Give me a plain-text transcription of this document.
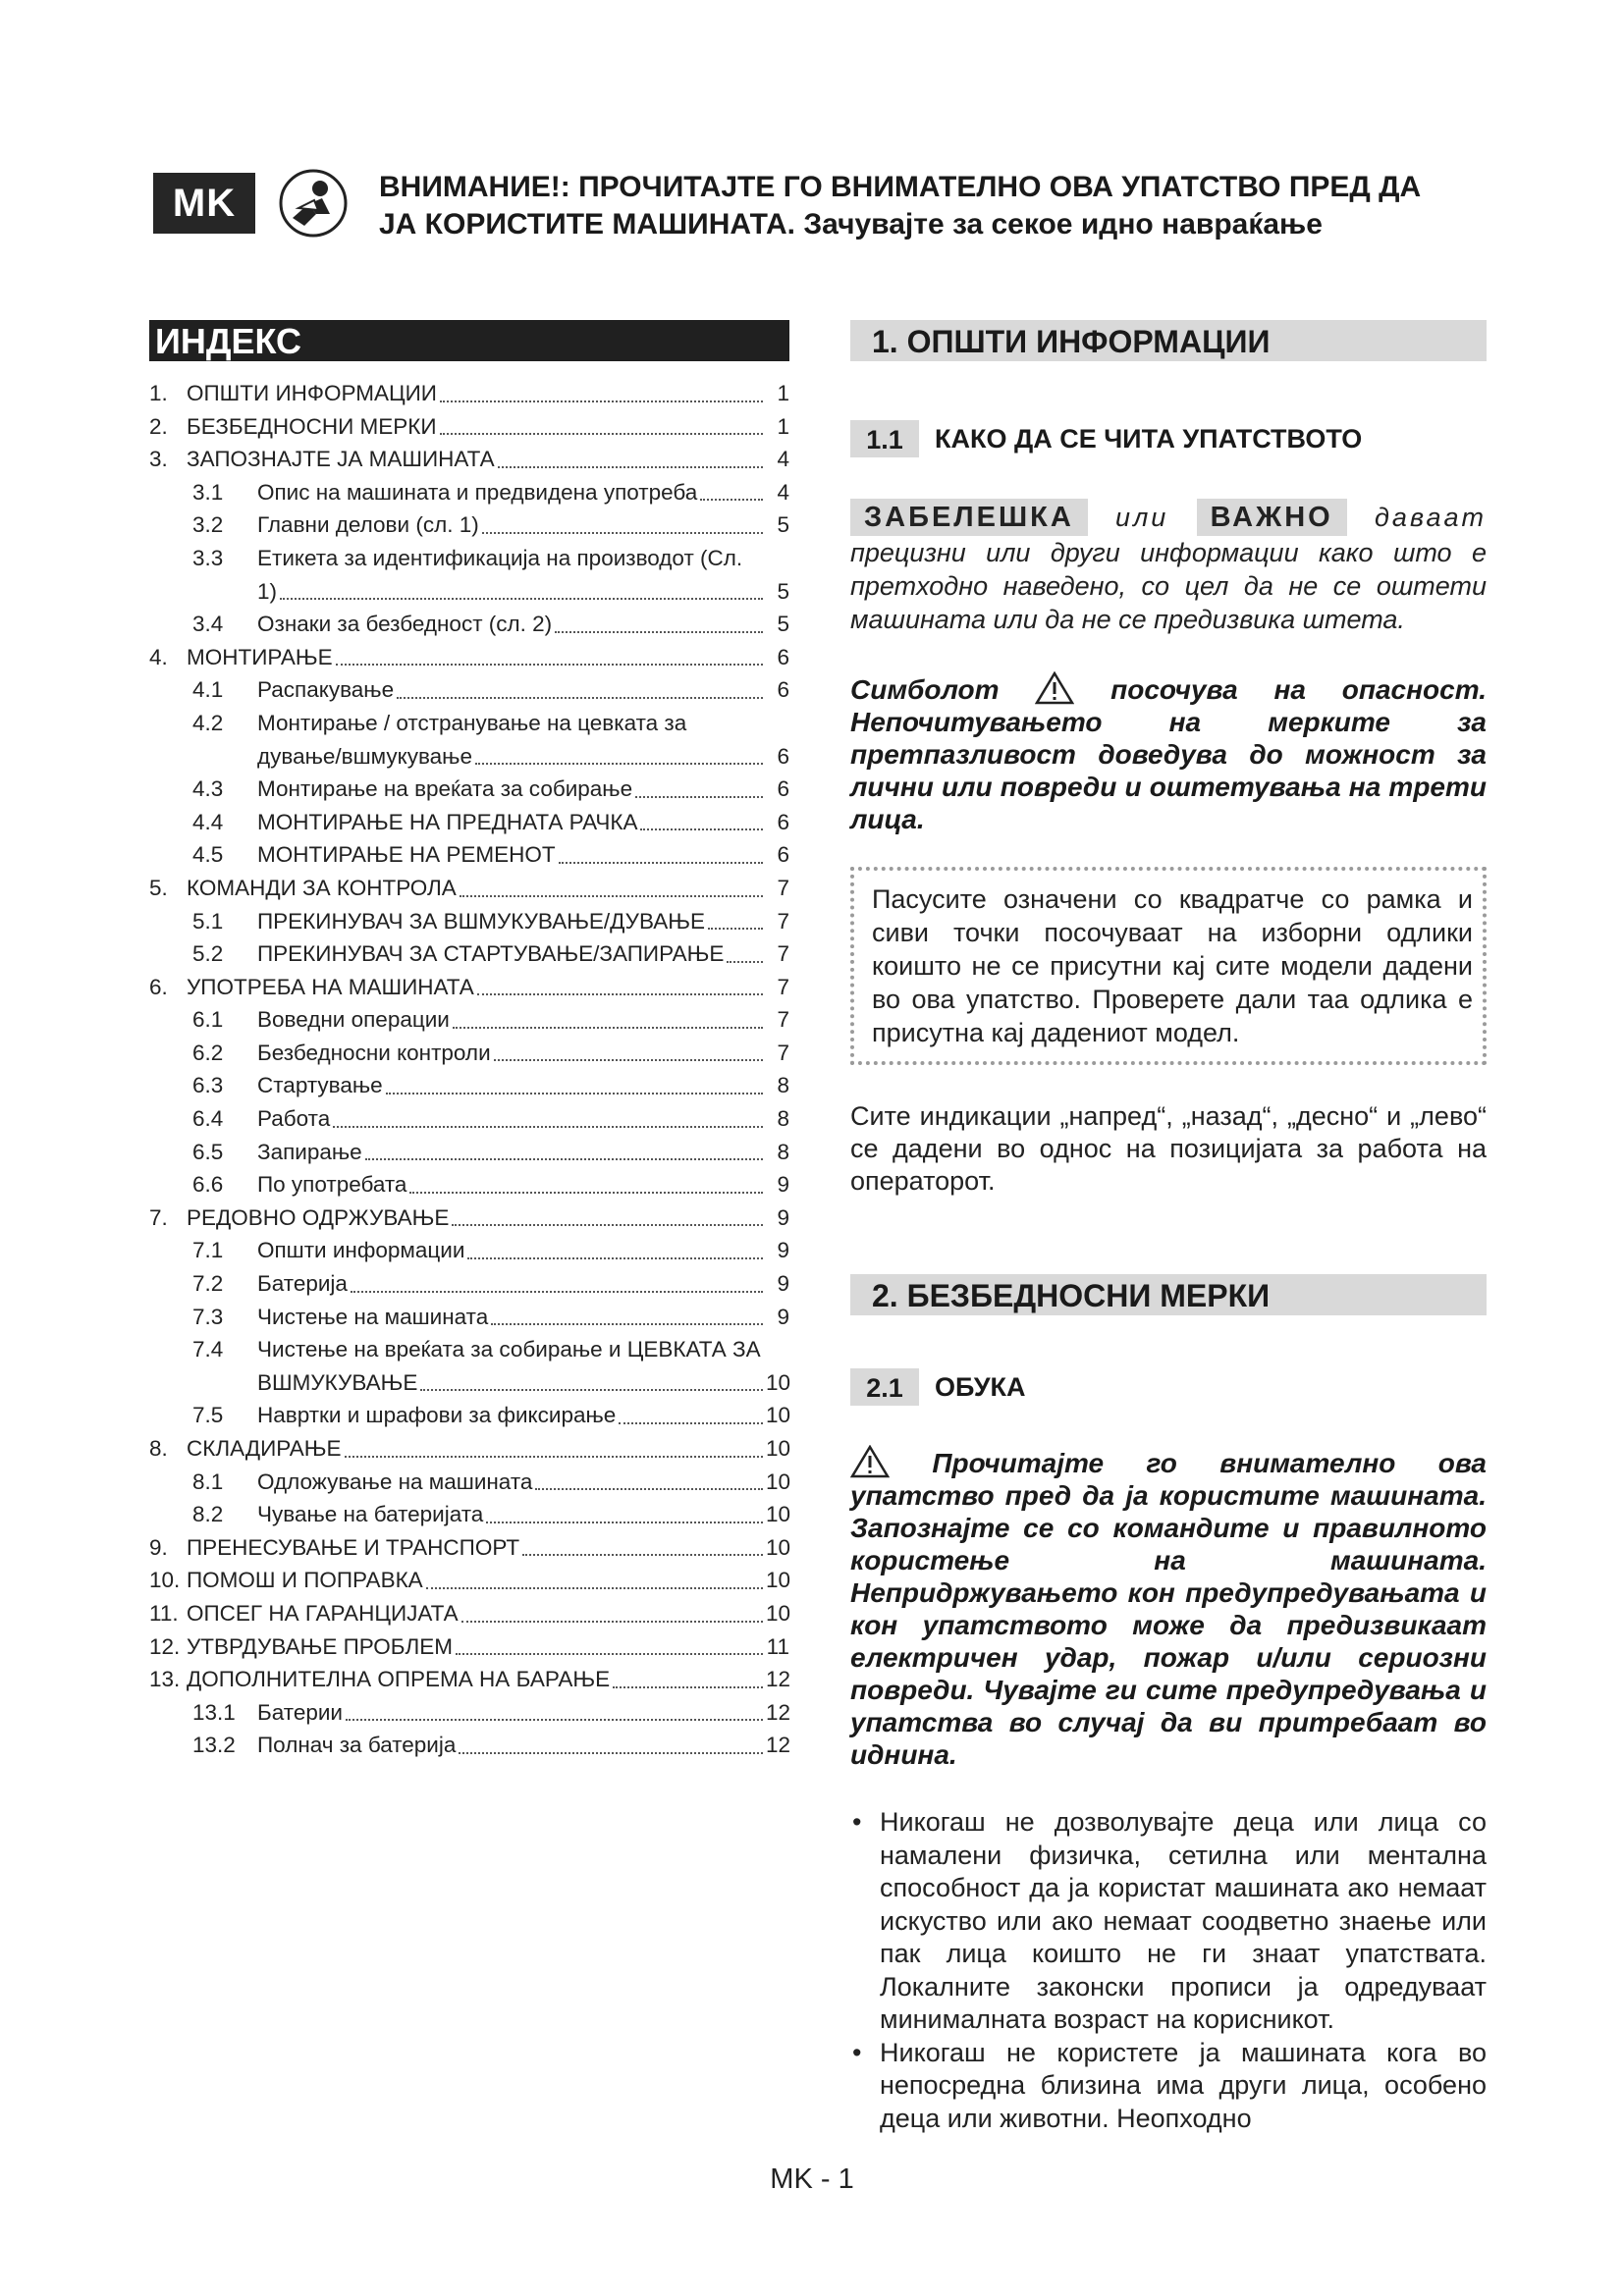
MK	ВНИМАНИЕ!: ПРОЧИТАЈТЕ ГО ВНИМАТЕЛНО ОВА УПАТСТВО ПРЕД ДА
ЈА КОРИСТИТЕ МАШИНАТА. Зачувајте за секое идно навраќање
ИНДЕКС
1. ОПШТИ ИНФОРМАЦИИ	1
2. БЕЗБЕДНОСНИ МЕРКИ	1
3. ЗАПОЗНАЈТЕ ЈА МАШИНАТА	4
3.1	Опис на машината и предвидена употреба	4
3.2	Главни делови (сл. 1)	5
3.3	Етикета за идентификација на производот (Сл.
1)	5
3.4	Ознаки за безбедност (сл. 2)	5
4. МОНТИРАЊЕ	6
4.1	Распакување	6
4.2	Монтирање / отстранување на цевката за
дување/вшмукување	6
4.3	Монтирање на вреќата за собирање	6
4.4	МОНТИРАЊЕ НА ПРЕДНАТА РАЧКА	6
4.5	МОНТИРАЊЕ НА РЕМЕНОТ	6
5. КОМАНДИ ЗА КОНТРОЛА	7
5.1	ПРЕКИНУВАЧ ЗА ВШМУКУВАЊЕ/ДУВАЊЕ	7
5.2	ПРЕКИНУВАЧ ЗА СТАРТУВАЊЕ/ЗАПИРАЊЕ	7
6. УПОТРЕБА НА МАШИНАТА	7
6.1	Воведни операции	7
6.2	Безбедносни контроли	7
6.3	Стартување	8
6.4	Работа	8
6.5	Запирање	8
6.6	По употребата	9
7. РЕДОВНО ОДРЖУВАЊЕ	9
7.1	Општи информации	9
7.2	Батерија	9
7.3	Чистење на машината	9
7.4	Чистење на вреќата за собирање и ЦЕВКАТА ЗА
ВШМУКУВАЊЕ	10
7.5	Навртки и шрафови за фиксирање	10
8. СКЛАДИРАЊЕ	10
8.1	Одложување на машината	10
8.2	Чување на батеријата	10
9. ПРЕНЕСУВАЊЕ И ТРАНСПОРТ	10
10. ПОМОШ И ПОПРАВКА	10
11. ОПСЕГ НА ГАРАНЦИЈАТА	10
12. УТВРДУВАЊЕ ПРОБЛЕМ	11
13. ДОПОЛНИТЕЛНА ОПРЕМА НА БАРАЊЕ	12
13.1 Батерии	12
13.2 Полнач за батерија	12
1. ОПШТИ ИНФОРМАЦИИ
1.1	КАКО ДА СЕ ЧИТА УПАТСТВОТО
ЗАБЕЛЕШКА или ВАЖНО даваат прецизни или други информации како што е претходно наведено, со цел да не се оштети машината или да не се предизвика штета.
Симболот	посочува на опасност. Непочитувањето на мерките за претпазливост доведува до можност за лични или повреди и оштетувања на трети лица.
Пасусите означени со квадратче со рамка и сиви точки посочуваат на изборни одлики коишто не се присутни кај сите модели дадени во ова упатство. Проверете дали таа одлика е присутна кај дадениот модел.
Сите индикации „напред“, „назад“, „десно“ и „лево“ се дадени во однос на позицијата за работа на операторот.
2. БЕЗБЕДНОСНИ МЕРКИ
2.1	ОБУКА
Прочитајте го внимателно ова упатство пред да ја користите машината. Запознајте се со командите и правилното користење на машината. Непридржувањето кон предупредувањата и кон упатството може да предизвикаат електричен удар, пожар и/или сериозни повреди. Чувајте ги сите предупредувања и упатства во случај да ви притребаат во иднина.
• Никогаш не дозволувајте деца или лица со намалени физичка, сетилна или ментална способност да ја користат машината ако немаат искуство или ако немаат соодветно знаење или пак лица коишто не ги знаат упатствата. Локалните законски прописи ја одредуваат минималната возраст на корисникот.
• Никогаш не користете ја машината кога во непосредна близина има други лица, особено деца или животни. Неопходно
MK - 1
